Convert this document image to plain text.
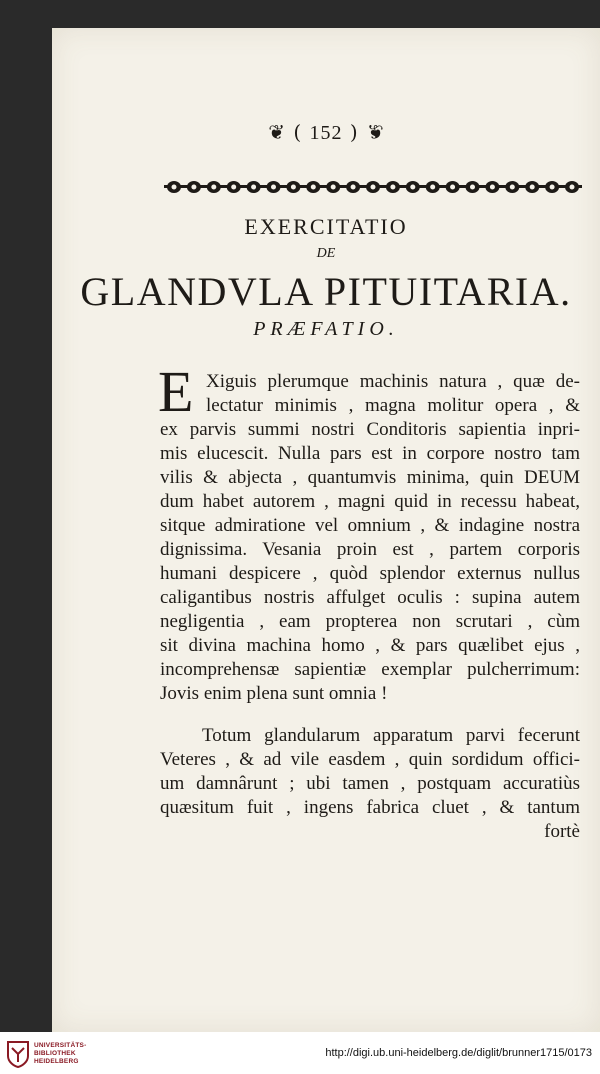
❦ ( 152 ) ❦
EXERCITATIO
DE
GLANDVLA PITUITARIA.
PRÆFATIO.
E Xiguis plerumque machinis natura , quæ de-
lectatur minimis , magna molitur opera , &
ex parvis summi nostri Conditoris sapientia inpri-
mis elucescit. Nulla pars est in corpore nostro tam
vilis & abjecta , quantumvis minima, quin DEUM
dum habet autorem , magni quid in recessu habeat,
sitque admiratione vel omnium , & indagine nostra
dignissima. Vesania proin est , partem corporis
humani despicere , quòd splendor externus nullus
caligantibus nostris affulget oculis : supina autem
negligentia , eam propterea non scrutari , cùm
sit divina machina homo , & pars quælibet ejus ,
incomprehensæ sapientiæ exemplar pulcherrimum:
Jovis enim plena sunt omnia !
Totum glandularum apparatum parvi fecerunt
Veteres , & ad vile easdem , quin sordidum offici-
um damnârunt ; ubi tamen , postquam accuratiùs
quæsitum fuit , ingens fabrica cluet , & tantum
fortè
UNIVERSITÄTS-
BIBLIOTHEK
HEIDELBERG
http://digi.ub.uni-heidelberg.de/diglit/brunner1715/0173
